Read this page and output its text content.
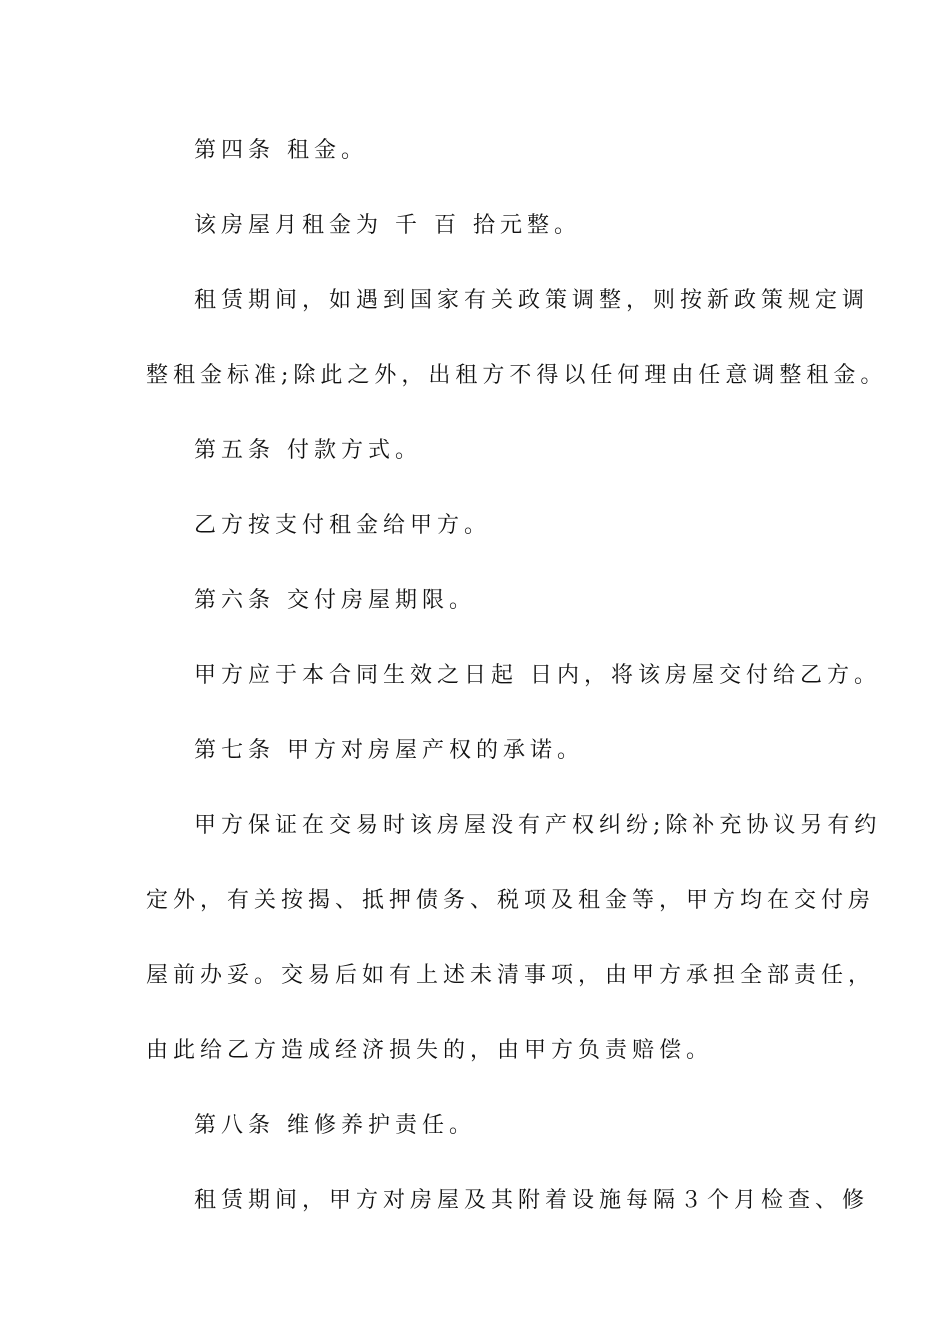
第四条 租金。
该房屋月租金为 千 百 拾元整。
租赁期间，如遇到国家有关政策调整，则按新政策规定调
整租金标准;除此之外，出租方不得以任何理由任意调整租金。
第五条 付款方式。
乙方按支付租金给甲方。
第六条 交付房屋期限。
甲方应于本合同生效之日起 日内，将该房屋交付给乙方。
第七条 甲方对房屋产权的承诺。
甲方保证在交易时该房屋没有产权纠纷;除补充协议另有约
定外，有关按揭、抵押债务、税项及租金等，甲方均在交付房
屋前办妥。交易后如有上述未清事项，由甲方承担全部责任，
由此给乙方造成经济损失的，由甲方负责赔偿。
第八条 维修养护责任。
租赁期间，甲方对房屋及其附着设施每隔３个月检查、修
